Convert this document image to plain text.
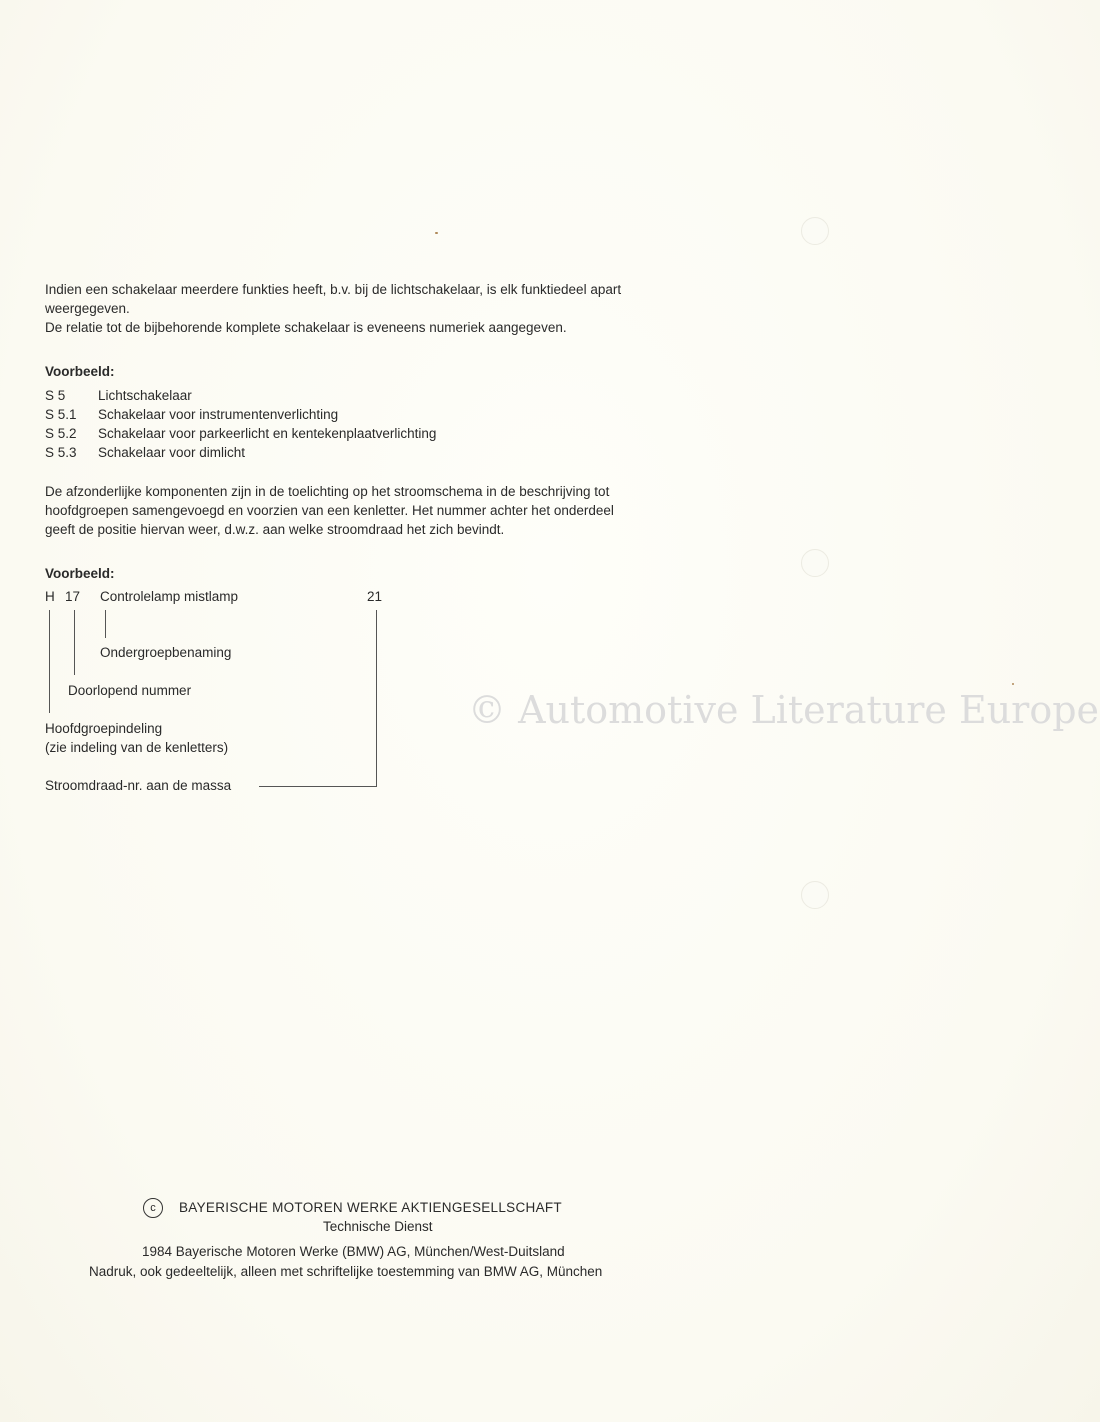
Indien een schakelaar meerdere funkties heeft, b.v. bij de lichtschakelaar, is elk funktiedeel apart
weergegeven.
De relatie tot de bijbehorende komplete schakelaar is eveneens numeriek aangegeven.
Voorbeeld:
S 5 Lichtschakelaar
S 5.1 Schakelaar voor instrumentenverlichting
S 5.2 Schakelaar voor parkeerlicht en kentekenplaatverlichting
S 5.3 Schakelaar voor dimlicht
De afzonderlijke komponenten zijn in de toelichting op het stroomschema in de beschrijving tot
hoofdgroepen samengevoegd en voorzien van een kenletter. Het nummer achter het onderdeel
geeft de positie hiervan weer, d.w.z. aan welke stroomdraad het zich bevindt.
Voorbeeld:
H 17 Controlelamp mistlamp	21
Ondergroepbenaming
Doorlopend nummer
Hoofdgroepindeling
(zie indeling van de kenletters)
Stroomdraad-nr. aan de massa
© Automotive Literature Europe
c	BAYERISCHE MOTOREN WERKE AKTIENGESELLSCHAFT
Technische Dienst
1984 Bayerische Motoren Werke (BMW) AG, München/West-Duitsland
Nadruk, ook gedeeltelijk, alleen met schriftelijke toestemming van BMW AG, München
